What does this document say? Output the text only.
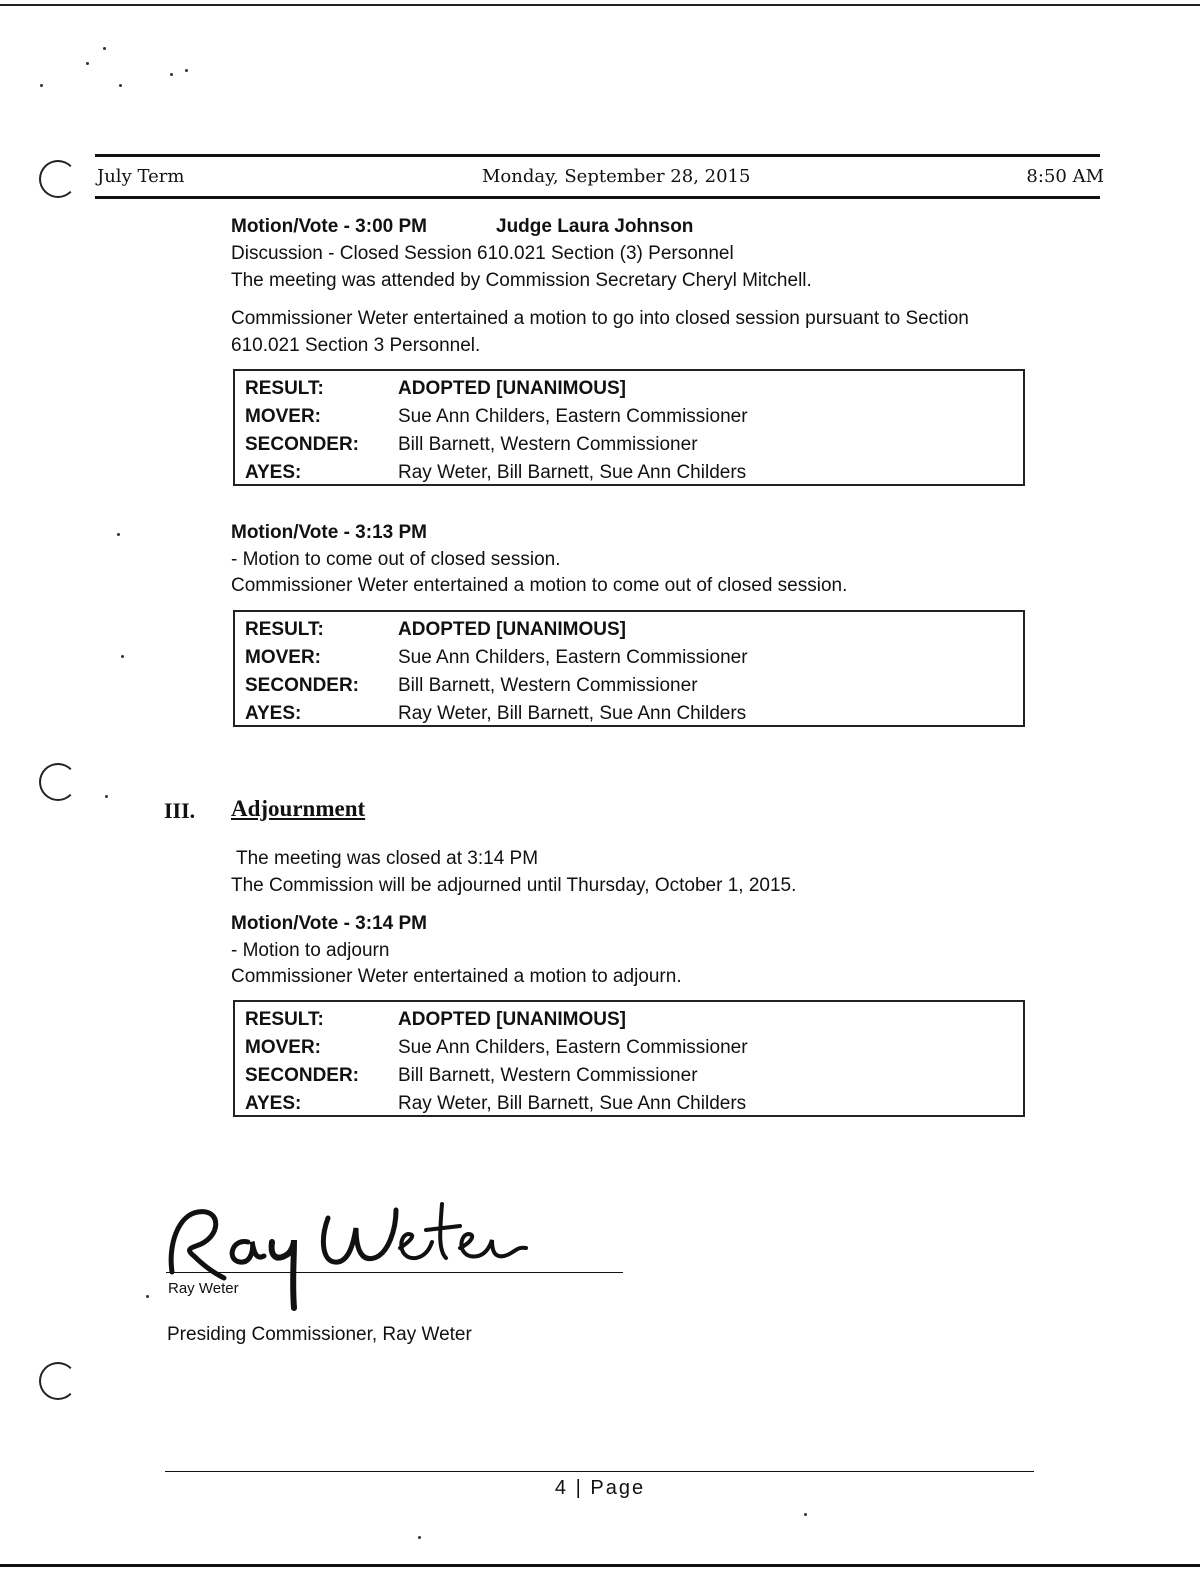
July Term	Monday, September 28, 2015	8:50 AM
Motion/Vote - 3:00 PM	Judge Laura Johnson
Discussion - Closed Session 610.021 Section (3) Personnel
The meeting was attended by Commission Secretary Cheryl Mitchell.
Commissioner Weter entertained a motion to go into closed session pursuant to Section
610.021 Section 3 Personnel.
RESULT:	ADOPTED [UNANIMOUS]
MOVER:	Sue Ann Childers, Eastern Commissioner
SECONDER: Bill Barnett, Western Commissioner
AYES:	Ray Weter, Bill Barnett, Sue Ann Childers
Motion/Vote - 3:13 PM
- Motion to come out of closed session.
Commissioner Weter entertained a motion to come out of closed session.
RESULT:	ADOPTED [UNANIMOUS]
MOVER:	Sue Ann Childers, Eastern Commissioner
SECONDER: Bill Barnett, Western Commissioner
AYES:	Ray Weter, Bill Barnett, Sue Ann Childers
III. Adjournment
The meeting was closed at 3:14 PM
The Commission will be adjourned until Thursday, October 1, 2015.
Motion/Vote - 3:14 PM
- Motion to adjourn
Commissioner Weter entertained a motion to adjourn.
RESULT:	ADOPTED [UNANIMOUS]
MOVER:	Sue Ann Childers, Eastern Commissioner
SECONDER: Bill Barnett, Western Commissioner
AYES:	Ray Weter, Bill Barnett, Sue Ann Childers
Ray Weter
Presiding Commissioner, Ray Weter
4 | Page
